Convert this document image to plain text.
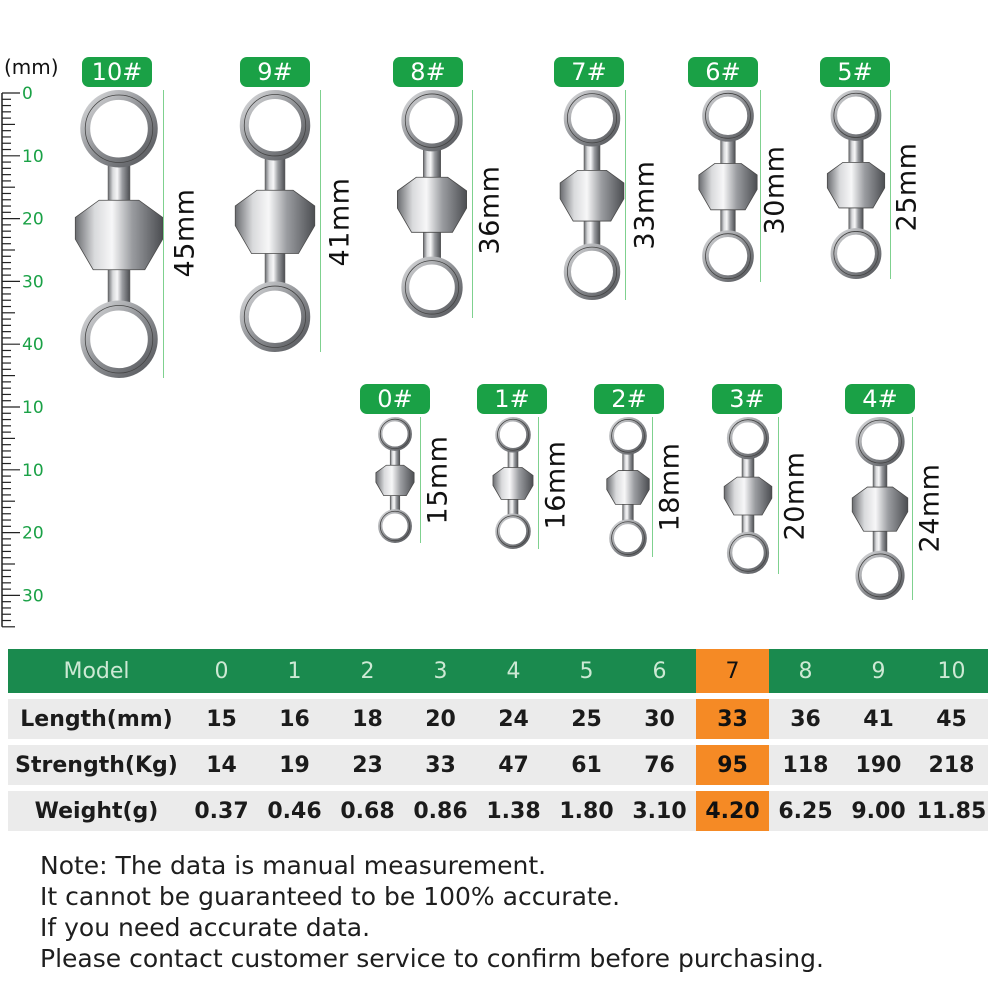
0
10
20
30
40
10
10
20
30
(mm)	10#
45mm
9#
41mm
8#
36mm
7#
33mm
6#
30mm
5#
25mm
0#
15mm
1#
16mm
2#
18mm
3#
20mm
4#
24mm
Model	0	1	2	3	4	5	6	7	8	9	10
Length(mm)	15	16	18	20	24	25	30	33	36	41	45
Strength(Kg)	14	19	23	33	47	61	76	95	118	190	218
Weight(g)	0.37	0.46	0.68	0.86	1.38	1.80	3.10	4.20	6.25	9.00	11.85
Note: The data is manual measurement.
It cannot be guaranteed to be 100% accurate.
If you need accurate data.
Please contact customer service to confirm before purchasing.
